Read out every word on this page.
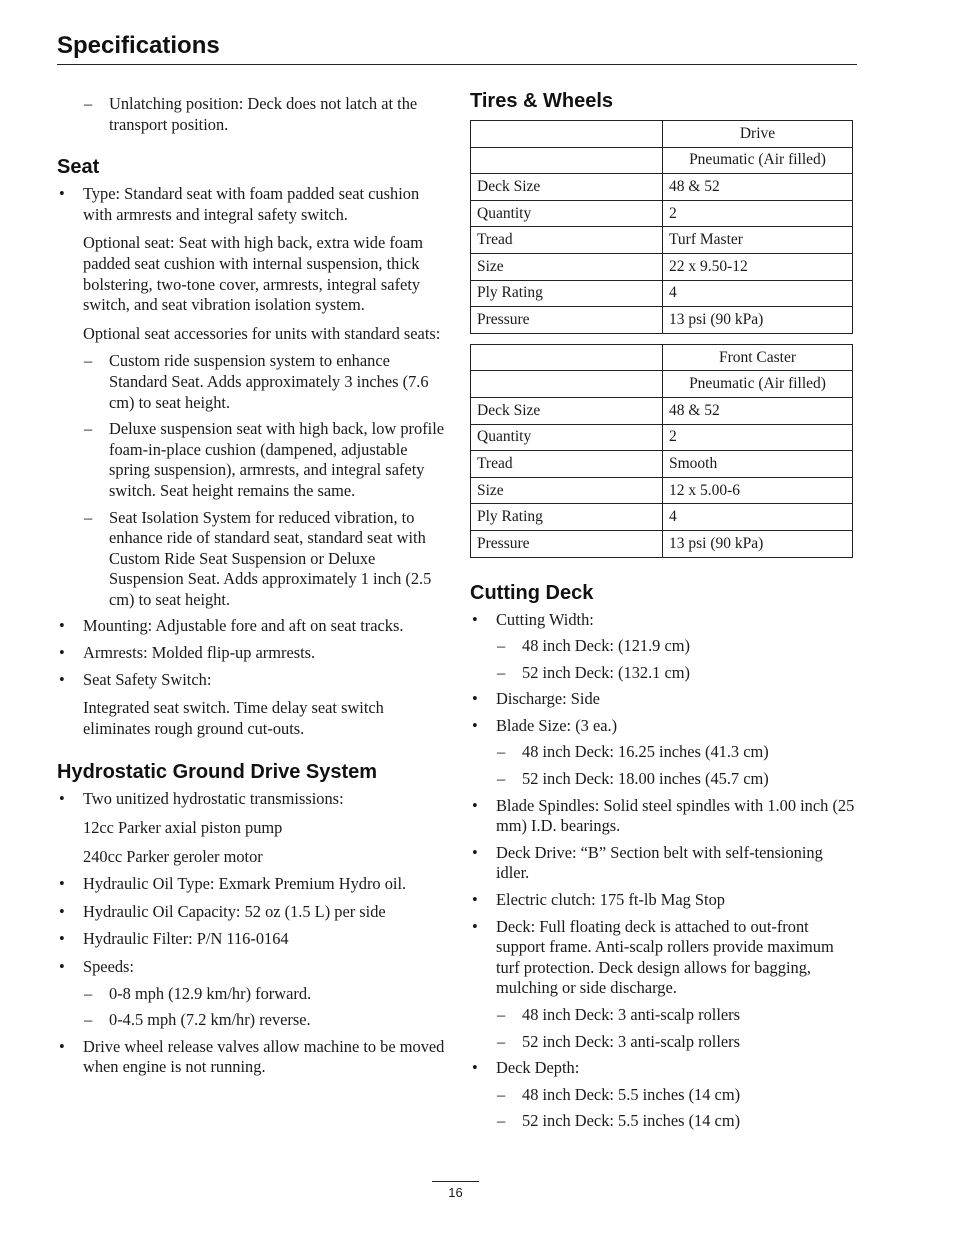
Specifications
– Unlatching position: Deck does not latch at the transport position.
Seat
• Type: Standard seat with foam padded seat cushion with armrests and integral safety switch.
Optional seat: Seat with high back, extra wide foam padded seat cushion with internal suspension, thick bolstering, two-tone cover, armrests, integral safety switch, and seat vibration isolation system.
Optional seat accessories for units with standard seats:
– Custom ride suspension system to enhance Standard Seat. Adds approximately 3 inches (7.6 cm) to seat height.
– Deluxe suspension seat with high back, low profile foam-in-place cushion (dampened, adjustable spring suspension), armrests, and integral safety switch. Seat height remains the same.
– Seat Isolation System for reduced vibration, to enhance ride of standard seat, standard seat with Custom Ride Seat Suspension or Deluxe Suspension Seat. Adds approximately 1 inch (2.5 cm) to seat height.
• Mounting: Adjustable fore and aft on seat tracks.
• Armrests: Molded flip-up armrests.
• Seat Safety Switch:
Integrated seat switch. Time delay seat switch eliminates rough ground cut-outs.
Hydrostatic Ground Drive System
• Two unitized hydrostatic transmissions:
12cc Parker axial piston pump
240cc Parker geroler motor
• Hydraulic Oil Type: Exmark Premium Hydro oil.
• Hydraulic Oil Capacity: 52 oz (1.5 L) per side
• Hydraulic Filter: P/N 116-0164
• Speeds:
– 0-8 mph (12.9 km/hr) forward.
– 0-4.5 mph (7.2 km/hr) reverse.
• Drive wheel release valves allow machine to be moved when engine is not running.
Tires & Wheels
	Drive
	Pneumatic (Air filled)
Deck Size	48 & 52
Quantity	2
Tread	Turf Master
Size	22 x 9.50-12
Ply Rating	4
Pressure	13 psi (90 kPa)
	Front Caster
	Pneumatic (Air filled)
Deck Size	48 & 52
Quantity	2
Tread	Smooth
Size	12 x 5.00-6
Ply Rating	4
Pressure	13 psi (90 kPa)
Cutting Deck
• Cutting Width:
– 48 inch Deck: (121.9 cm)
– 52 inch Deck: (132.1 cm)
• Discharge: Side
• Blade Size: (3 ea.)
– 48 inch Deck: 16.25 inches (41.3 cm)
– 52 inch Deck: 18.00 inches (45.7 cm)
• Blade Spindles: Solid steel spindles with 1.00 inch (25 mm) I.D. bearings.
• Deck Drive: “B” Section belt with self-tensioning idler.
• Electric clutch: 175 ft-lb Mag Stop
• Deck: Full floating deck is attached to out-front support frame. Anti-scalp rollers provide maximum turf protection. Deck design allows for bagging, mulching or side discharge.
– 48 inch Deck: 3 anti-scalp rollers
– 52 inch Deck: 3 anti-scalp rollers
• Deck Depth:
– 48 inch Deck: 5.5 inches (14 cm)
– 52 inch Deck: 5.5 inches (14 cm)
16
